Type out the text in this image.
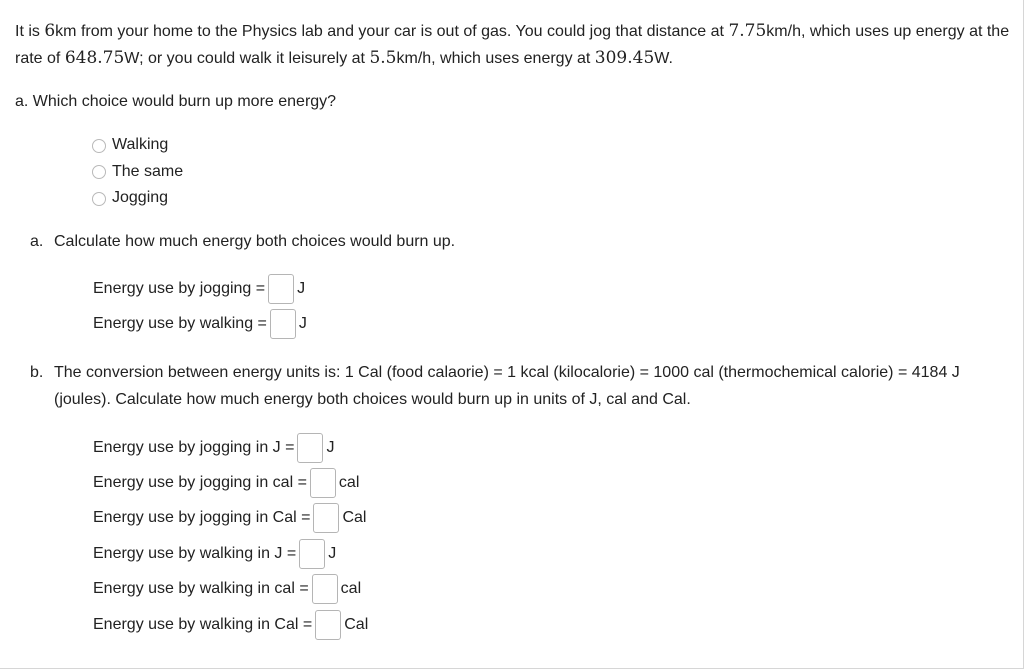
It is 6km from your home to the Physics lab and your car is out of gas. You could jog that distance at 7.75km/h, which uses up energy at the rate of 648.75W; or you could walk it leisurely at 5.5km/h, which uses energy at 309.45W.
a. Which choice would burn up more energy?
Walking
The same
Jogging
a. Calculate how much energy both choices would burn up.
Energy use by jogging = J
Energy use by walking = J
b. The conversion between energy units is: 1 Cal (food calaorie) = 1 kcal (kilocalorie) = 1000 cal (thermochemical calorie) = 4184 J (joules). Calculate how much energy both choices would burn up in units of J, cal and Cal.
Energy use by jogging in J = J
Energy use by jogging in cal = cal
Energy use by jogging in Cal = Cal
Energy use by walking in J = J
Energy use by walking in cal = cal
Energy use by walking in Cal = Cal
